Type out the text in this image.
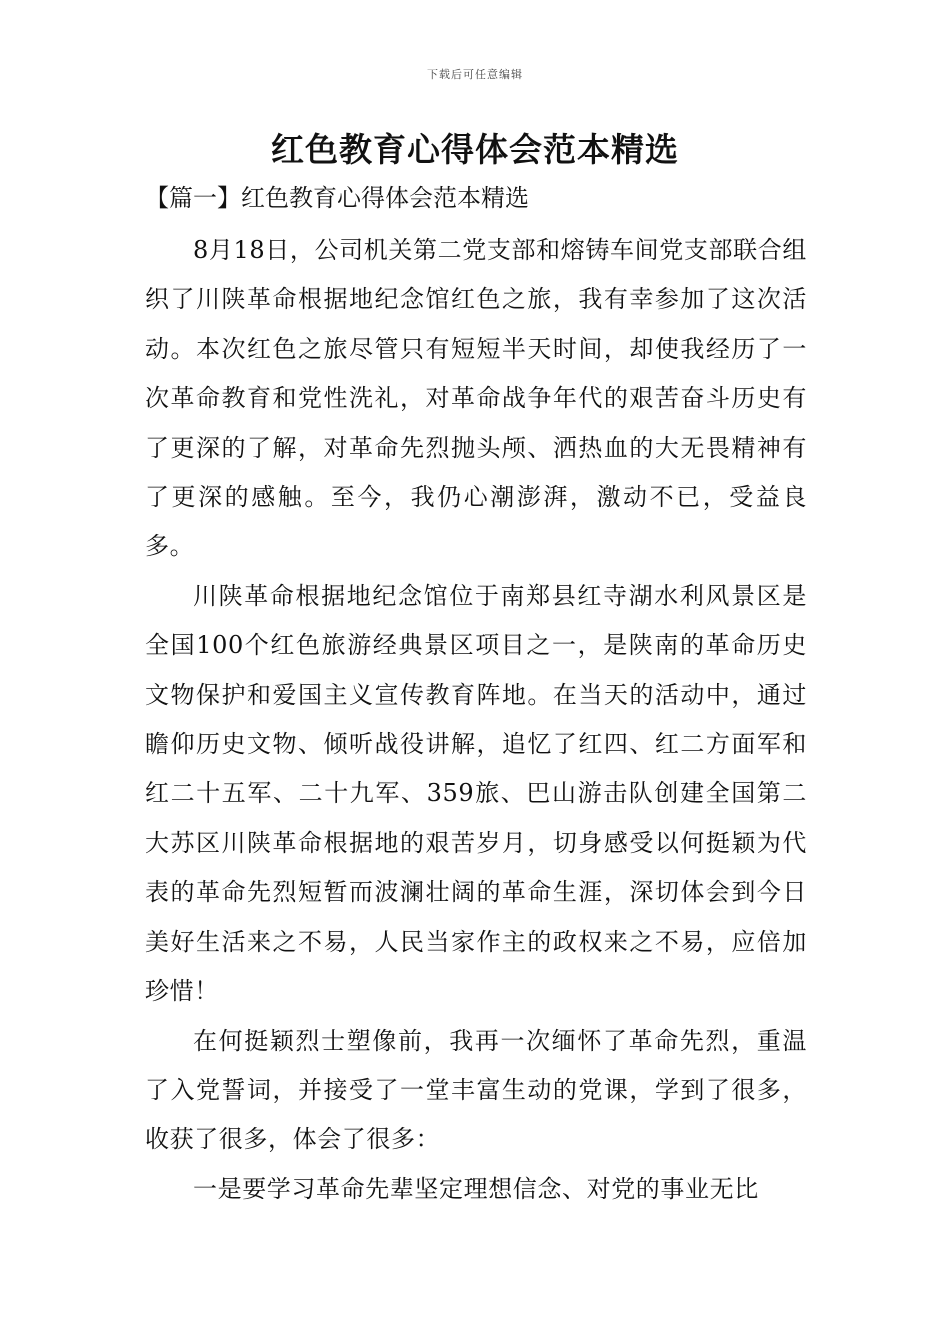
下载后可任意编辑
红色教育心得体会范本精选
【篇一】红色教育心得体会范本精选

8月18日，公司机关第二党支部和熔铸车间党支部联合组织了川陕革命根据地纪念馆红色之旅，我有幸参加了这次活动。本次红色之旅尽管只有短短半天时间，却使我经历了一次革命教育和党性洗礼，对革命战争年代的艰苦奋斗历史有了更深的了解，对革命先烈抛头颅、洒热血的大无畏精神有了更深的感触。至今，我仍心潮澎湃，激动不已，受益良多。

川陕革命根据地纪念馆位于南郑县红寺湖水利风景区是全国100个红色旅游经典景区项目之一，是陕南的革命历史文物保护和爱国主义宣传教育阵地。在当天的活动中，通过瞻仰历史文物、倾听战役讲解，追忆了红四、红二方面军和红二十五军、二十九军、359旅、巴山游击队创建全国第二大苏区川陕革命根据地的艰苦岁月，切身感受以何挺颖为代表的革命先烈短暂而波澜壮阔的革命生涯，深切体会到今日美好生活来之不易，人民当家作主的政权来之不易，应倍加珍惜！

在何挺颖烈士塑像前，我再一次缅怀了革命先烈，重温了入党誓词，并接受了一堂丰富生动的党课，学到了很多，收获了很多，体会了很多：

一是要学习革命先辈坚定理想信念、对党的事业无比
